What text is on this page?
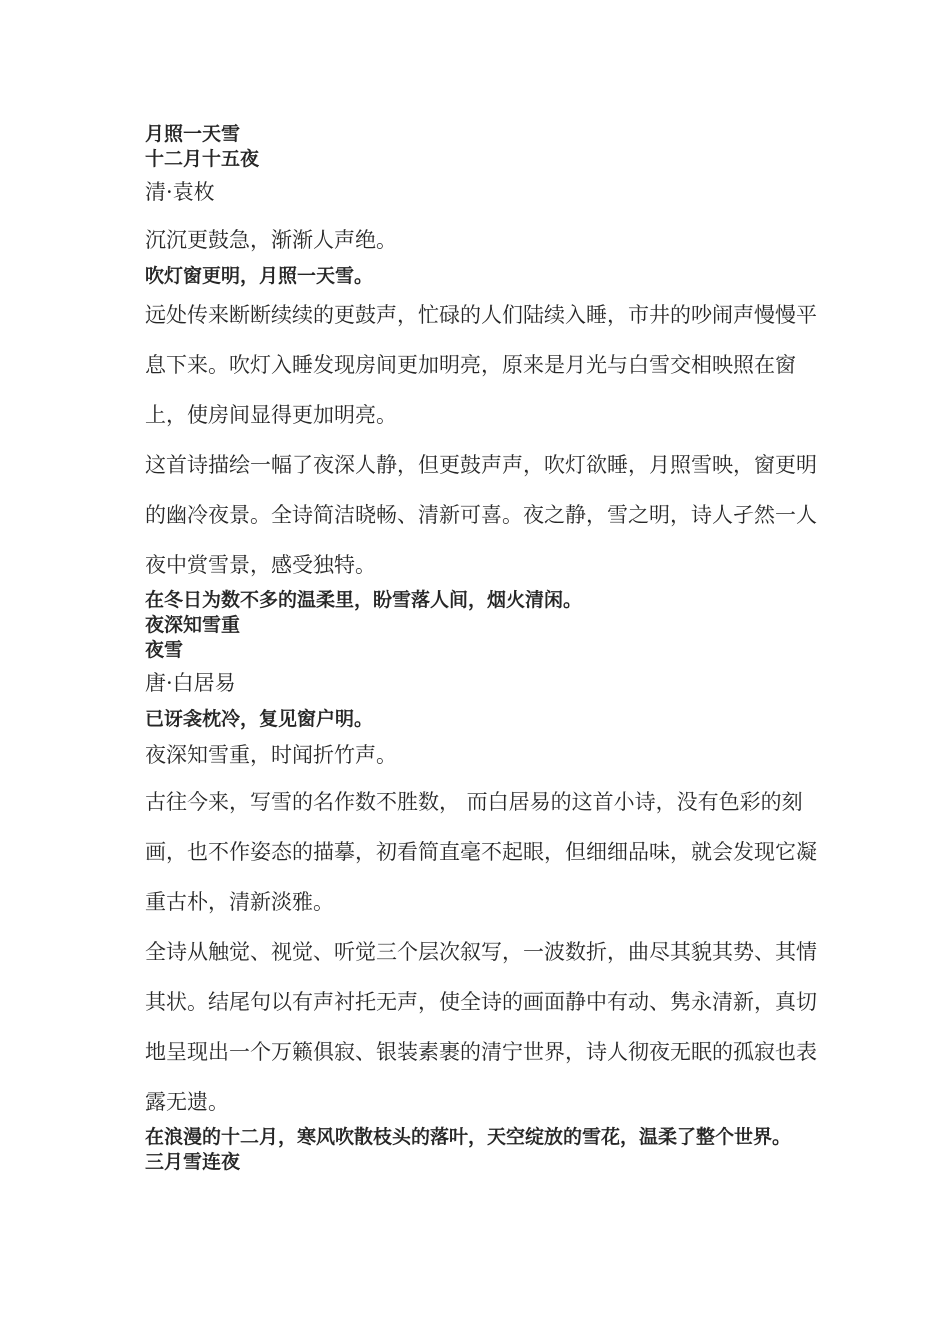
月照一天雪
十二月十五夜
清·袁枚
沉沉更鼓急，渐渐人声绝。
吹灯窗更明，月照一天雪。
远处传来断断续续的更鼓声，忙碌的人们陆续入睡，市井的吵闹声慢慢平息下来。吹灯入睡发现房间更加明亮，原来是月光与白雪交相映照在窗上，使房间显得更加明亮。
这首诗描绘一幅了夜深人静，但更鼓声声，吹灯欲睡，月照雪映，窗更明的幽冷夜景。全诗简洁晓畅、清新可喜。夜之静，雪之明，诗人孑然一人夜中赏雪景，感受独特。
在冬日为数不多的温柔里，盼雪落人间，烟火清闲。
夜深知雪重
夜雪
唐·白居易
已讶衾枕冷，复见窗户明。
夜深知雪重，时闻折竹声。
古往今来，写雪的名作数不胜数， 而白居易的这首小诗，没有色彩的刻画，也不作姿态的描摹，初看简直毫不起眼，但细细品味，就会发现它凝重古朴，清新淡雅。
全诗从触觉、视觉、听觉三个层次叙写，一波数折，曲尽其貌其势、其情其状。结尾句以有声衬托无声，使全诗的画面静中有动、隽永清新，真切地呈现出一个万籁俱寂、银装素裹的清宁世界，诗人彻夜无眠的孤寂也表露无遗。
在浪漫的十二月，寒风吹散枝头的落叶，天空绽放的雪花，温柔了整个世界。
三月雪连夜
